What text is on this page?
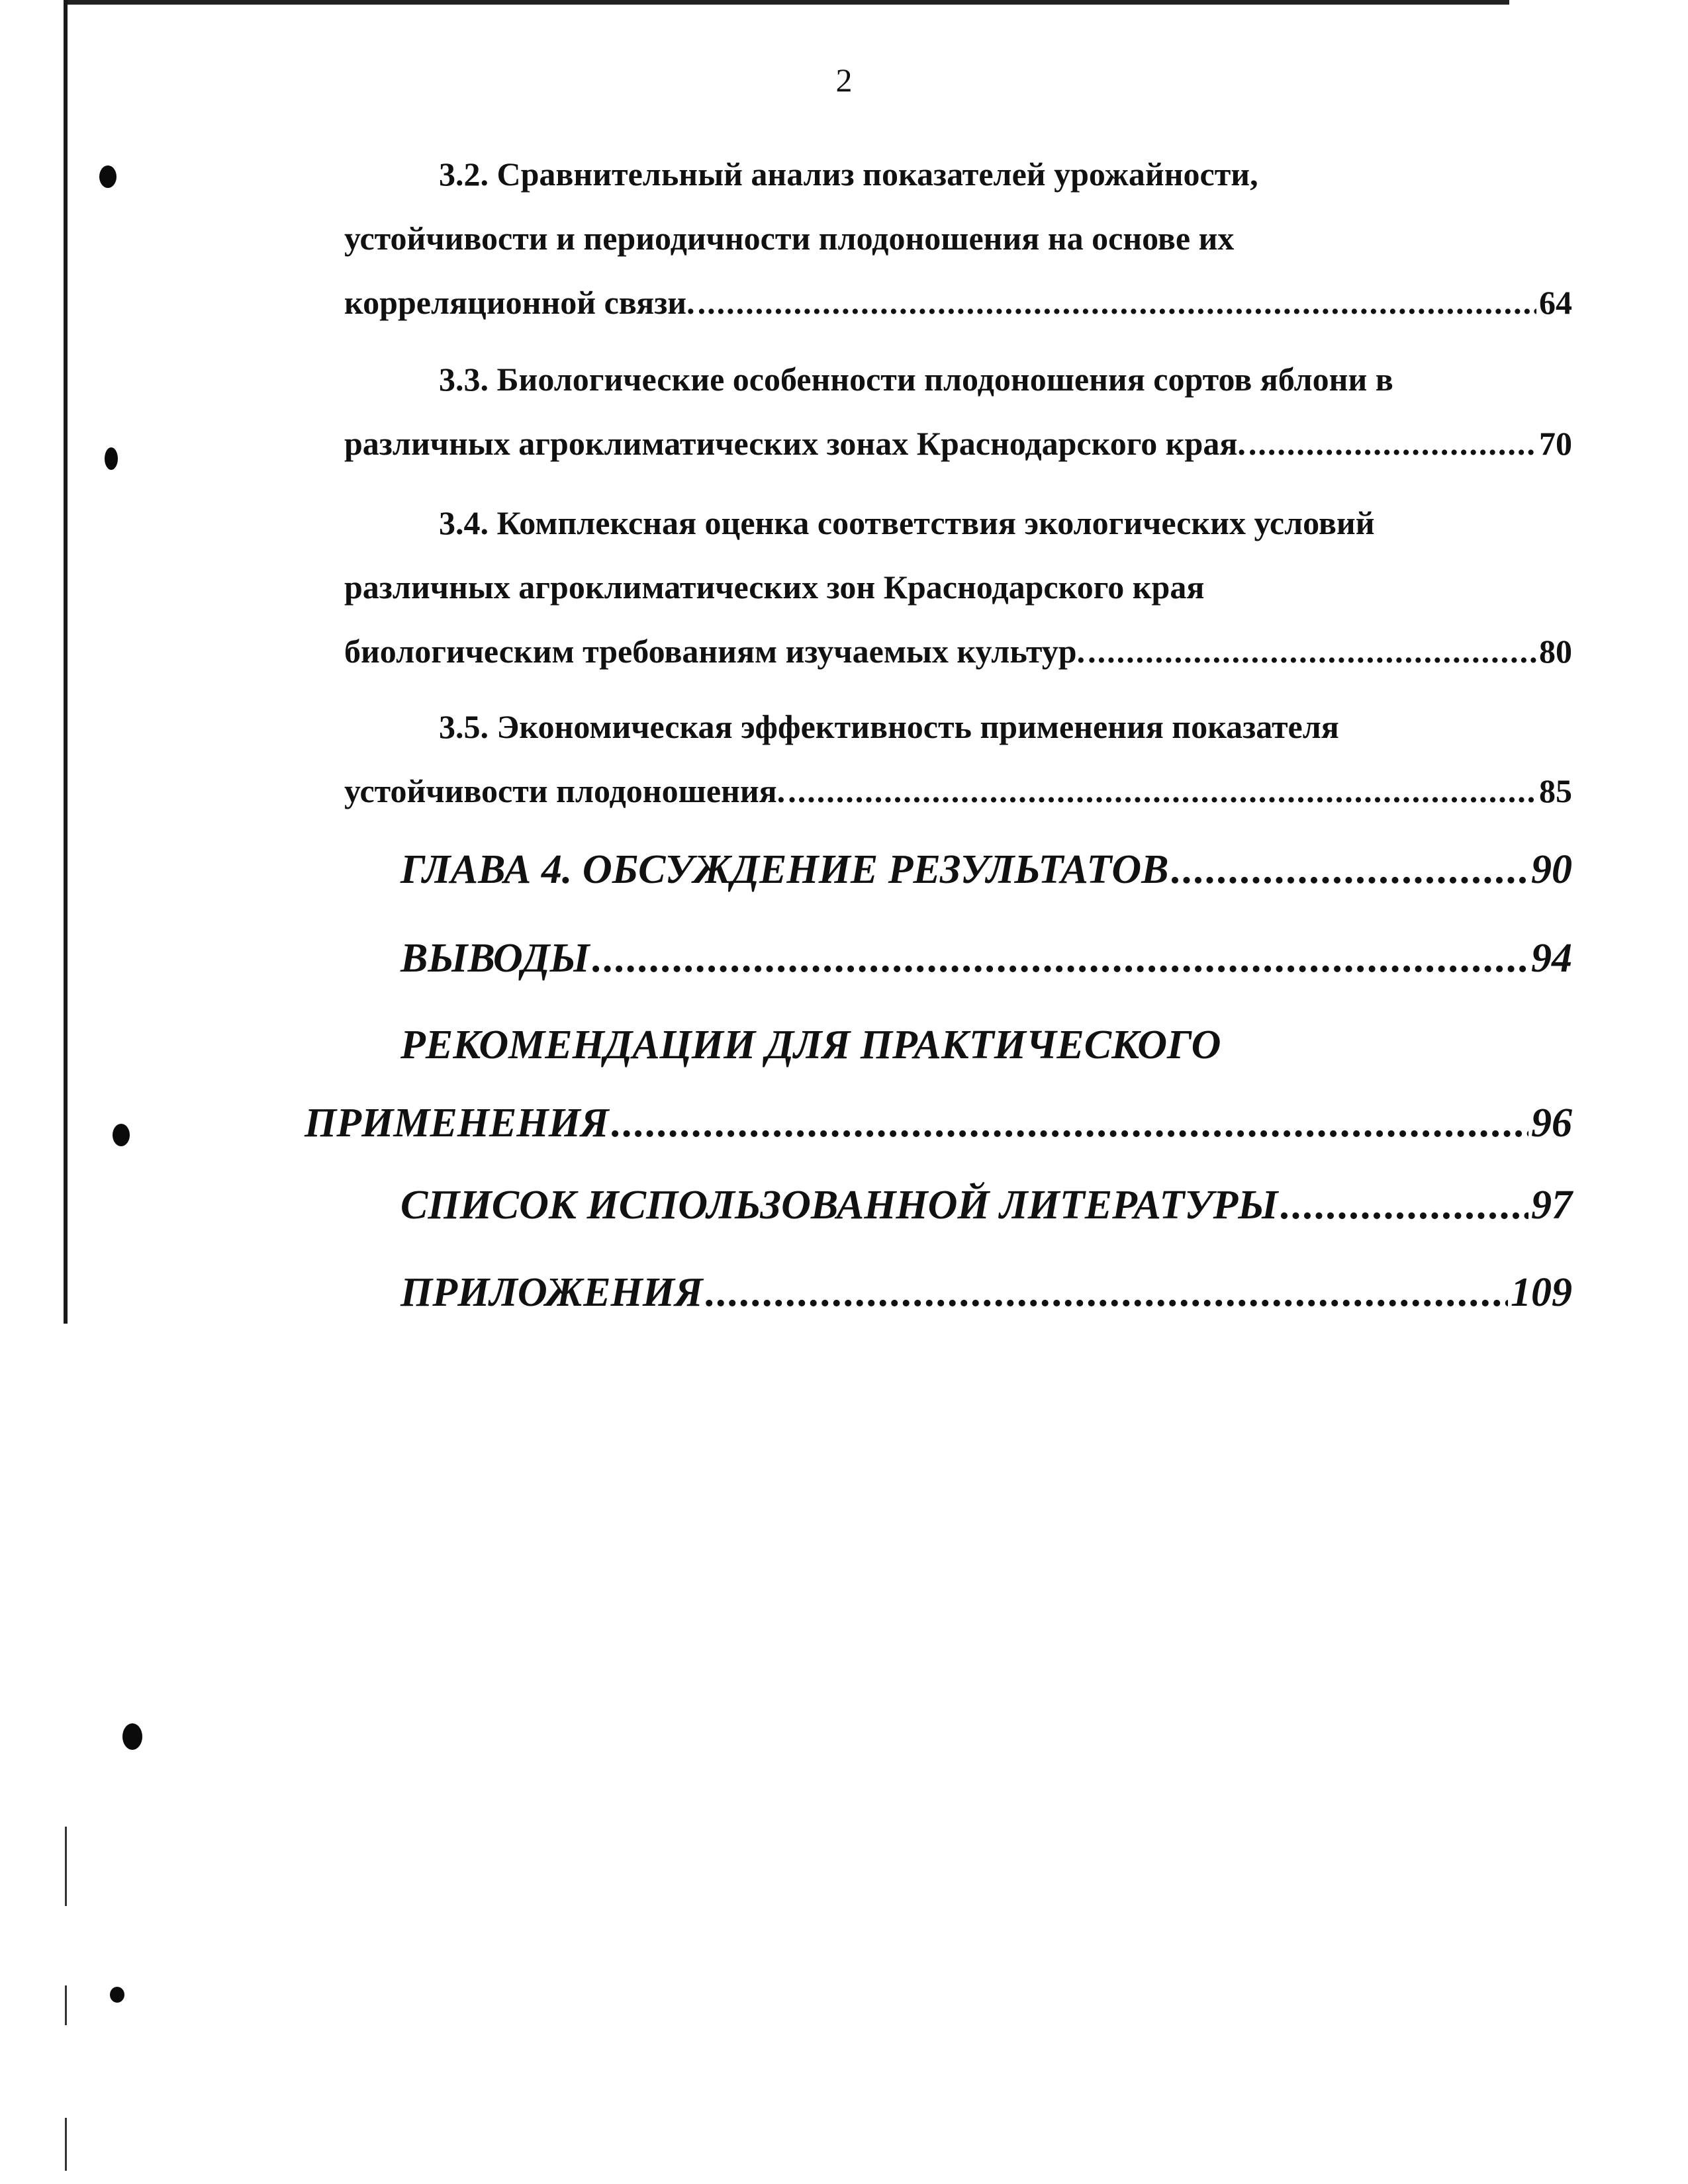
2
3.2. Сравнительный анализ показателей урожайности,
устойчивости и периодичности плодоношения на основе их
корреляционной связи. .....	64
3.3. Биологические особенности плодоношения сортов яблони в
различных агроклиматических зонах Краснодарского края. .....	70
3.4. Комплексная оценка соответствия экологических условий
различных агроклиматических зон Краснодарского края
биологическим требованиям изучаемых культур. .....	80
3.5. Экономическая эффективность применения показателя
устойчивости плодоношения. .....	85
ГЛАВА 4. ОБСУЖДЕНИЕ РЕЗУЛЬТАТОВ .....	90
ВЫВОДЫ .....	94
РЕКОМЕНДАЦИИ ДЛЯ ПРАКТИЧЕСКОГО
ПРИМЕНЕНИЯ .....	96
СПИСОК ИСПОЛЬЗОВАННОЙ ЛИТЕРАТУРЫ .....	97
ПРИЛОЖЕНИЯ .....	109
